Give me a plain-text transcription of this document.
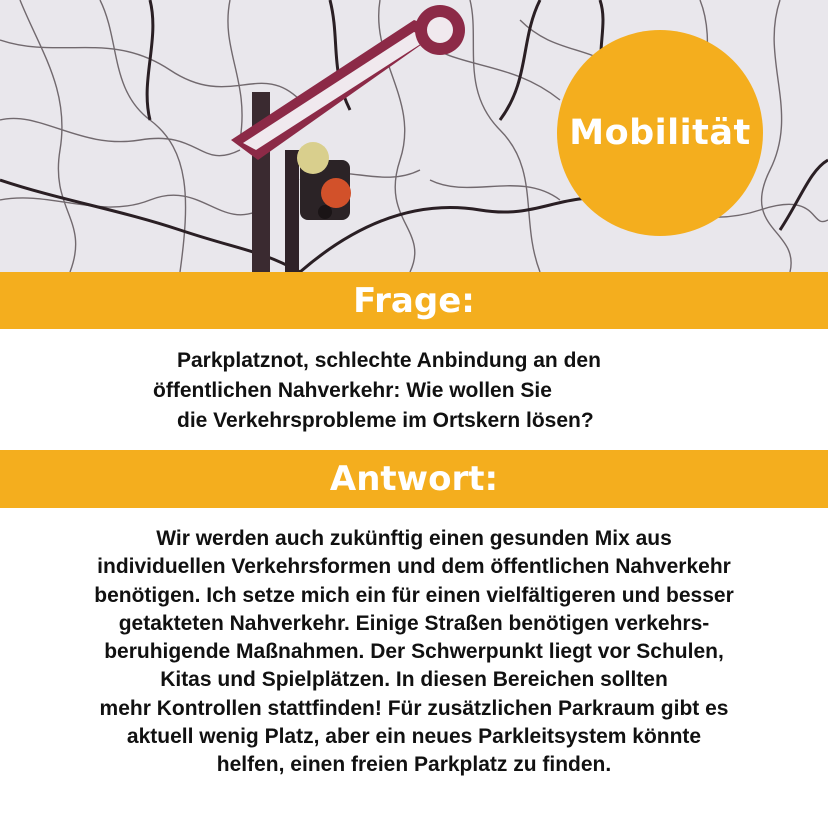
Mobilität
Frage:
Parkplatznot, schlechte Anbindung an den
öffentlichen Nahverkehr: Wie wollen Sie
die Verkehrsprobleme im Ortskern lösen?
Antwort:
Wir werden auch zukünftig einen gesunden Mix aus
individuellen Verkehrsformen und dem öffentlichen Nahverkehr
benötigen. Ich setze mich ein für einen vielfältigeren und besser
getakteten Nahverkehr. Einige Straßen benötigen verkehrs-
beruhigende Maßnahmen. Der Schwerpunkt liegt vor Schulen,
Kitas und Spielplätzen. In diesen Bereichen sollten
mehr Kontrollen stattfinden! Für zusätzlichen Parkraum gibt es
aktuell wenig Platz, aber ein neues Parkleitsystem könnte
helfen, einen freien Parkplatz zu finden.
